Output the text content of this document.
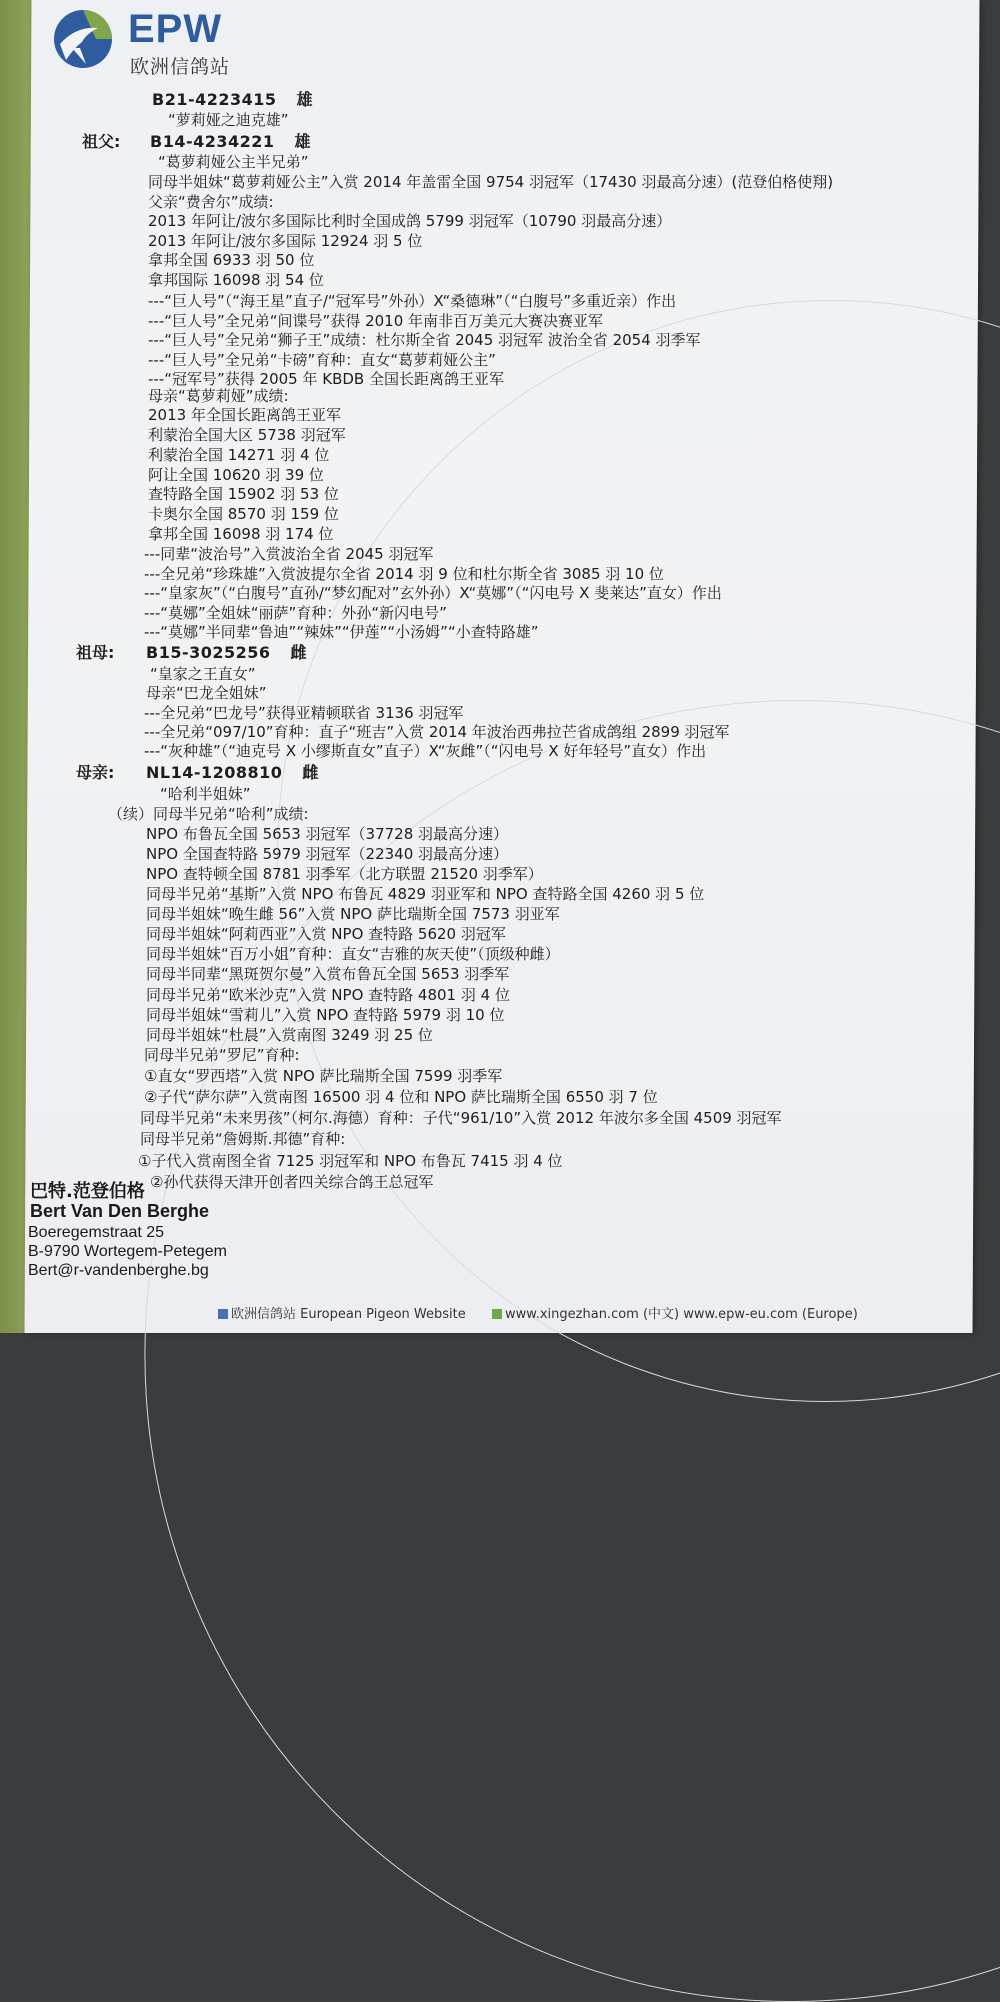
EPW
欧洲信鸽站
B21-4223415 雄
“萝莉娅之迪克雄”
祖父: B14-4234221 雄
“葛萝莉娅公主半兄弟”
同母半姐妹“葛萝莉娅公主”入赏 2014 年盖雷全国 9754 羽冠军（17430 羽最高分速）(范登伯格使翔)
父亲“费舍尔”成绩:
2013 年阿让/波尔多国际比利时全国成鸽 5799 羽冠军（10790 羽最高分速）
2013 年阿让/波尔多国际 12924 羽 5 位
拿邦全国 6933 羽 50 位
拿邦国际 16098 羽 54 位
---“巨人号”（“海王星”直子/“冠军号”外孙）X“桑德琳”（“白腹号”多重近亲）作出
---“巨人号”全兄弟“间谍号”获得 2010 年南非百万美元大赛决赛亚军
---“巨人号”全兄弟“狮子王”成绩：杜尔斯全省 2045 羽冠军 波治全省 2054 羽季军
---“巨人号”全兄弟“卡磅”育种：直女“葛萝莉娅公主”
---“冠军号”获得 2005 年 KBDB 全国长距离鸽王亚军
母亲“葛萝莉娅”成绩:
2013 年全国长距离鸽王亚军
利蒙治全国大区 5738 羽冠军
利蒙治全国 14271 羽 4 位
阿让全国 10620 羽 39 位
查特路全国 15902 羽 53 位
卡奥尔全国 8570 羽 159 位
拿邦全国 16098 羽 174 位
---同辈“波治号”入赏波治全省 2045 羽冠军
---全兄弟“珍珠雄”入赏波提尔全省 2014 羽 9 位和杜尔斯全省 3085 羽 10 位
---“皇家灰”（“白腹号”直孙/“梦幻配对”玄外孙）X“莫娜”（“闪电号 X 斐莱达”直女）作出
---“莫娜”全姐妹“丽萨”育种：外孙“新闪电号”
---“莫娜”半同辈“鲁迪”“辣妹”“伊莲”“小汤姆”“小查特路雄”
祖母: B15-3025256 雌
“皇家之王直女”
母亲“巴龙全姐妹”
---全兄弟“巴龙号”获得亚精顿联省 3136 羽冠军
---全兄弟“097/10”育种：直子“班吉”入赏 2014 年波治西弗拉芒省成鸽组 2899 羽冠军
---“灰种雄”（“迪克号 X 小缪斯直女”直子）X“灰雌”（“闪电号 X 好年轻号”直女）作出
母亲: NL14-1208810 雌
“哈利半姐妹”
（续）同母半兄弟“哈利”成绩:
NPO 布鲁瓦全国 5653 羽冠军（37728 羽最高分速）
NPO 全国查特路 5979 羽冠军（22340 羽最高分速）
NPO 查特顿全国 8781 羽季军（北方联盟 21520 羽季军）
同母半兄弟“基斯”入赏 NPO 布鲁瓦 4829 羽亚军和 NPO 查特路全国 4260 羽 5 位
同母半姐妹“晚生雌 56”入赏 NPO 萨比瑞斯全国 7573 羽亚军
同母半姐妹“阿莉西亚”入赏 NPO 查特路 5620 羽冠军
同母半姐妹“百万小姐”育种：直女“吉雅的灰天使”（顶级种雌）
同母半同辈“黑斑贺尔曼”入赏布鲁瓦全国 5653 羽季军
同母半兄弟“欧米沙克”入赏 NPO 查特路 4801 羽 4 位
同母半姐妹“雪莉儿”入赏 NPO 查特路 5979 羽 10 位
同母半姐妹“杜晨”入赏南图 3249 羽 25 位
同母半兄弟“罗尼”育种:
①直女“罗西塔”入赏 NPO 萨比瑞斯全国 7599 羽季军
②子代“萨尔萨”入赏南图 16500 羽 4 位和 NPO 萨比瑞斯全国 6550 羽 7 位
同母半兄弟“未来男孩”（柯尔.海德）育种：子代“961/10”入赏 2012 年波尔多全国 4509 羽冠军
同母半兄弟“詹姆斯.邦德”育种:
①子代入赏南图全省 7125 羽冠军和 NPO 布鲁瓦 7415 羽 4 位
②孙代获得天津开创者四关综合鸽王总冠军
巴特.范登伯格
Bert Van Den Berghe
Boeregemstraat 25
B-9790 Wortegem-Petegem
Bert@r-vandenberghe.bg
欧洲信鸽站 European Pigeon Website	www.xingezhan.com (中文) www.epw-eu.com (Europe)
